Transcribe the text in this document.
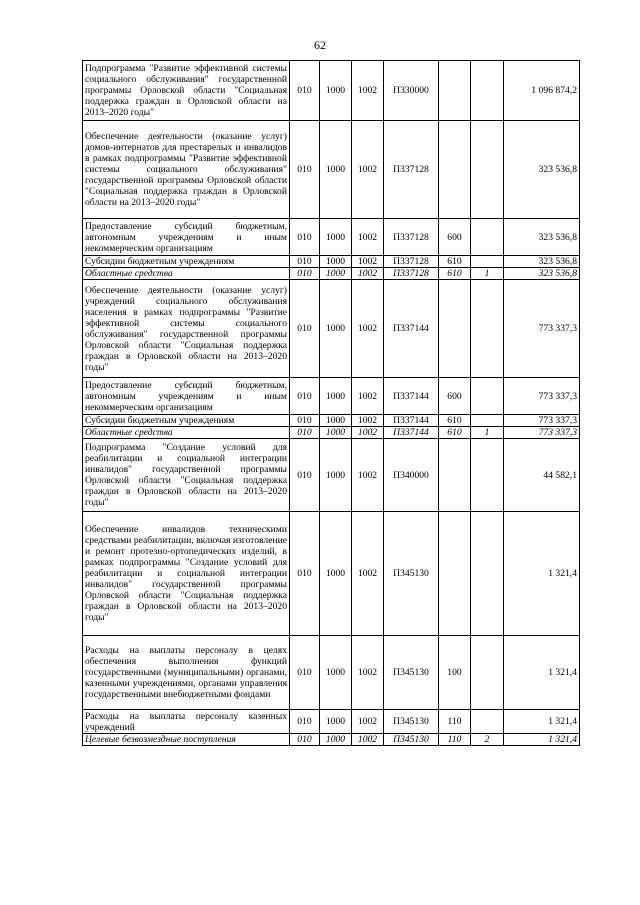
62
Подпрограмма "Развитие эффективной системы социального обслуживания" государственной программы Орловской области "Социальная поддержка граждан в Орловской области на 2013–2020 годы"	010	1000	1002	П330000			1 096 874,2
Обеспечение деятельности (оказание услуг) домов-интернатов для престарелых и инвалидов в рамках подпрограммы "Развитие эффективной системы социального обслуживания" государственной программы Орловской области "Социальная поддержка граждан в Орловской области на 2013–2020 годы"	010	1000	1002	П337128			323 536,8
Предоставление субсидий бюджетным, автономным учреждениям и иным некоммерческим организациям	010	1000	1002	П337128	600		323 536,8
Субсидии бюджетным учреждениям	010	1000	1002	П337128	610		323 536,8
Областные средства	010	1000	1002	П337128	610	1	323 536,8
Обеспечение деятельности (оказание услуг) учреждений социального обслуживания населения в рамках подпрограммы "Развитие эффективной системы социального обслуживания" государственной программы Орловской области "Социальная поддержка граждан в Орловской области на 2013–2020 годы"	010	1000	1002	П337144			773 337,3
Предоставление субсидий бюджетным, автономным учреждениям и иным некоммерческим организациям	010	1000	1002	П337144	600		773 337,3
Субсидии бюджетным учреждениям	010	1000	1002	П337144	610		773 337,3
Областные средства	010	1000	1002	П337144	610	1	773 337,3
Подпрограмма "Создание условий для реабилитации и социальной интеграции инвалидов" государственной программы Орловской области "Социальная поддержка граждан в Орловской области на 2013–2020 годы"	010	1000	1002	П340000			44 582,1
Обеспечение инвалидов техническими средствами реабилитации, включая изготовление и ремонт протезно-ортопедических изделий, в рамках подпрограммы "Создание условий для реабилитации и социальной интеграции инвалидов" государственной программы Орловской области "Социальная поддержка граждан в Орловской области на 2013–2020 годы"	010	1000	1002	П345130			1 321,4
Расходы на выплаты персоналу в целях обеспечения выполнения функций государственными (муниципальными) органами, казенными учреждениями, органами управления государственными внебюджетными фондами	010	1000	1002	П345130	100		1 321,4
Расходы на выплаты персоналу казенных учреждений	010	1000	1002	П345130	110		1 321,4
Целевые безвозмездные поступления	010	1000	1002	П345130	110	2	1 321,4
